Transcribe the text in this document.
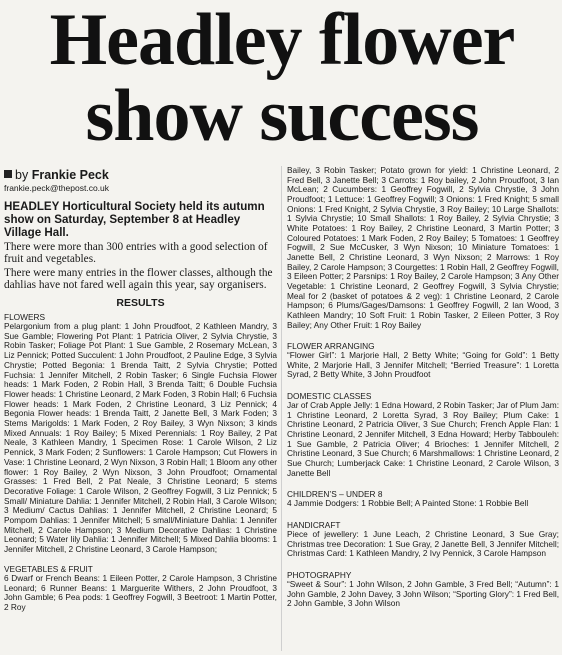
Headley flower show success
by Frankie Peck
frankie.peck@thepost.co.uk
HEADLEY Horticultural Society held its autumn show on Saturday, September 8 at Headley Village Hall.
There were more than 300 entries with a good selection of fruit and vegetables.
There were many entries in the flower classes, although the dahlias have not fared well again this year, say organisers.
RESULTS
FLOWERS
Pelargonium from a plug plant: 1 John Proudfoot, 2 Kathleen Mandry, 3 Sue Gamble; Flowering Pot Plant: 1 Patricia Oliver, 2 Sylvia Chrystie, 3 Robin Tasker; Foliage Pot Plant: 1 Sue Gamble, 2 Rosemary McLean, 3 Liz Pennick; Potted Succulent: 1 John Proudfoot, 2 Pauline Edge, 3 Sylvia Chrystie; Potted Begonia: 1 Brenda Taitt, 2 Sylvia Chrystie; Potted Fuchsia: 1 Jennifer Mitchell, 2 Robin Tasker; 6 Single Fuchsia Flower heads: 1 Mark Foden, 2 Robin Hall, 3 Brenda Taitt; 6 Double Fuchsia Flower heads: 1 Christine Leonard, 2 Mark Foden, 3 Robin Hall; 6 Fuchsia Flower heads: 1 Mark Foden, 2 Christine Leonard, 3 Liz Pennick; 4 Begonia Flower heads: 1 Brenda Taitt, 2 Janette Bell, 3 Mark Foden; 3 Stems Marigolds: 1 Mark Foden, 2 Roy Bailey, 3 Wyn Nixson; 3 kinds Mixed Annuals: 1 Roy Bailey; 5 Mixed Perennials: 1 Roy Bailey, 2 Pat Neale, 3 Kathleen Mandry, 1 Specimen Rose: 1 Carole Wilson, 2 Liz Pennick, 3 Mark Foden; 2 Sunflowers: 1 Carole Hampson; Cut Flowers in Vase: 1 Christine Leonard, 2 Wyn Nixson, 3 Robin Hall; 1 Bloom any other flower: 1 Roy Bailey, 2 Wyn Nixson, 3 John Proudfoot; Ornamental Grasses: 1 Fred Bell, 2 Pat Neale, 3 Christine Leonard; 5 stems Decorative Foliage: 1 Carole Wilson, 2 Geoffrey Fogwill, 3 Liz Pennick; 5 Small/ Miniature Dahlia: 1 Jennifer Mitchell, 2 Robin Hall, 3 Carole Wilson; 3 Medium/ Cactus Dahlias: 1 Jennifer Mitchell, 2 Christine Leonard; 5 Pompom Dahlias: 1 Jennifer Mitchell; 5 small/Miniature Dahlia: 1 Jennifer Mitchell, 2 Carole Hampson; 3 Medium Decorative Dahlias: 1 Christine Leonard; 5 Water lily Dahlia: 1 Jennifer Mitchell; 5 Mixed Dahlia blooms: 1 Jennifer Mitchell, 2 Christine Leonard, 3 Carole Hampson;
VEGETABLES & FRUIT
6 Dwarf or French Beans: 1 Eileen Potter, 2 Carole Hampson, 3 Christine Leonard; 6 Runner Beans: 1 Marguerite Withers, 2 John Proudfoot, 3 John Gamble; 6 Pea pods: 1 Geoffrey Fogwill, 3 Beetroot: 1 Martin Potter, 2 Roy
Bailey, 3 Robin Tasker; Potato grown for yield: 1 Christine Leonard, 2 Fred Bell, 3 Janette Bell; 3 Carrots: 1 Roy bailey, 2 John Proudfoot, 3 Ian McLean; 2 Cucumbers: 1 Geoffrey Fogwill, 2 Sylvia Chrystie, 3 John Proudfoot; 1 Lettuce: 1 Geoffrey Fogwill; 3 Onions: 1 Fred Knight; 5 small Onions: 1 Fred Knight, 2 Sylvia Chrystie, 3 Roy Bailey; 10 Large Shallots: 1 Sylvia Chrystie; 10 Small Shallots: 1 Roy Bailey, 2 Sylvia Chrystie; 3 White Potatoes: 1 Roy Bailey, 2 Christine Leonard, 3 Martin Potter; 3 Coloured Potatoes: 1 Mark Foden, 2 Roy Bailey; 5 Tomatoes: 1 Geoffrey Fogwill, 2 Sue McCusker, 3 Wyn Nixson; 10 Miniature Tomatoes: 1 Janette Bell, 2 Christine Leonard, 3 Wyn Nixson; 2 Marrows: 1 Roy Bailey, 2 Carole Hampson; 3 Courgettes: 1 Robin Hall, 2 Geoffrey Fogwill, 3 Eileen Potter; 2 Parsnips: 1 Roy Bailey, 2 Carole Hampson; 3 Any Other Vegetable: 1 Christine Leonard, 2 Geoffrey Fogwill, 3 Sylvia Chrystie; Meal for 2 (basket of potatoes & 2 veg): 1 Christine Leonard, 2 Carole Hampson; 6 Plums/Gages/Damsons: 1 Geoffrey Fogwill, 2 Ian Wood, 3 Kathleen Mandry; 10 Soft Fruit: 1 Robin Tasker, 2 Eileen Potter, 3 Roy Bailey; Any Other Fruit: 1 Roy Bailey
FLOWER ARRANGING
“Flower Girl”: 1 Marjorie Hall, 2 Betty White; “Going for Gold”: 1 Betty White, 2 Marjorie Hall, 3 Jennifer Mitchell; “Berried Treasure”: 1 Loretta Syrad, 2 Betty White, 3 John Proudfoot
DOMESTIC CLASSES
Jar of Crab Apple Jelly: 1 Edna Howard, 2 Robin Tasker; Jar of Plum Jam: 1 Christine Leonard, 2 Loretta Syrad, 3 Roy Bailey; Plum Cake: 1 Christine Leonard, 2 Patricia Oliver, 3 Sue Church; French Apple Flan: 1 Christine Leonard, 2 Jennifer Mitchell, 3 Edna Howard; Herby Tabbouleh: 1 Sue Gamble, 2 Patricia Oliver; 4 Brioches: 1 Jennifer Mitchell, 2 Christine Leonard, 3 Sue Church; 6 Marshmallows: 1 Christine Leonard, 2 Sue Church; Lumberjack Cake: 1 Christine Leonard, 2 Carole Wilson, 3 Janette Bell
CHILDREN’S – UNDER 8
4 Jammie Dodgers: 1 Robbie Bell; A Painted Stone: 1 Robbie Bell
HANDICRAFT
Piece of jewellery: 1 June Leach, 2 Christine Leonard, 3 Sue Gray; Christmas tree Decoration: 1 Sue Gray, 2 Janette Bell, 3 Jennifer Mitchell; Christmas Card: 1 Kathleen Mandry, 2 Ivy Pennick, 3 Carole Hampson
PHOTOGRAPHY
“Sweet & Sour”: 1 John Wilson, 2 John Gamble, 3 Fred Bell; “Autumn”: 1 John Gamble, 2 John Davey, 3 John Wilson; “Sporting Glory”: 1 Fred Bell, 2 John Gamble, 3 John Wilson
